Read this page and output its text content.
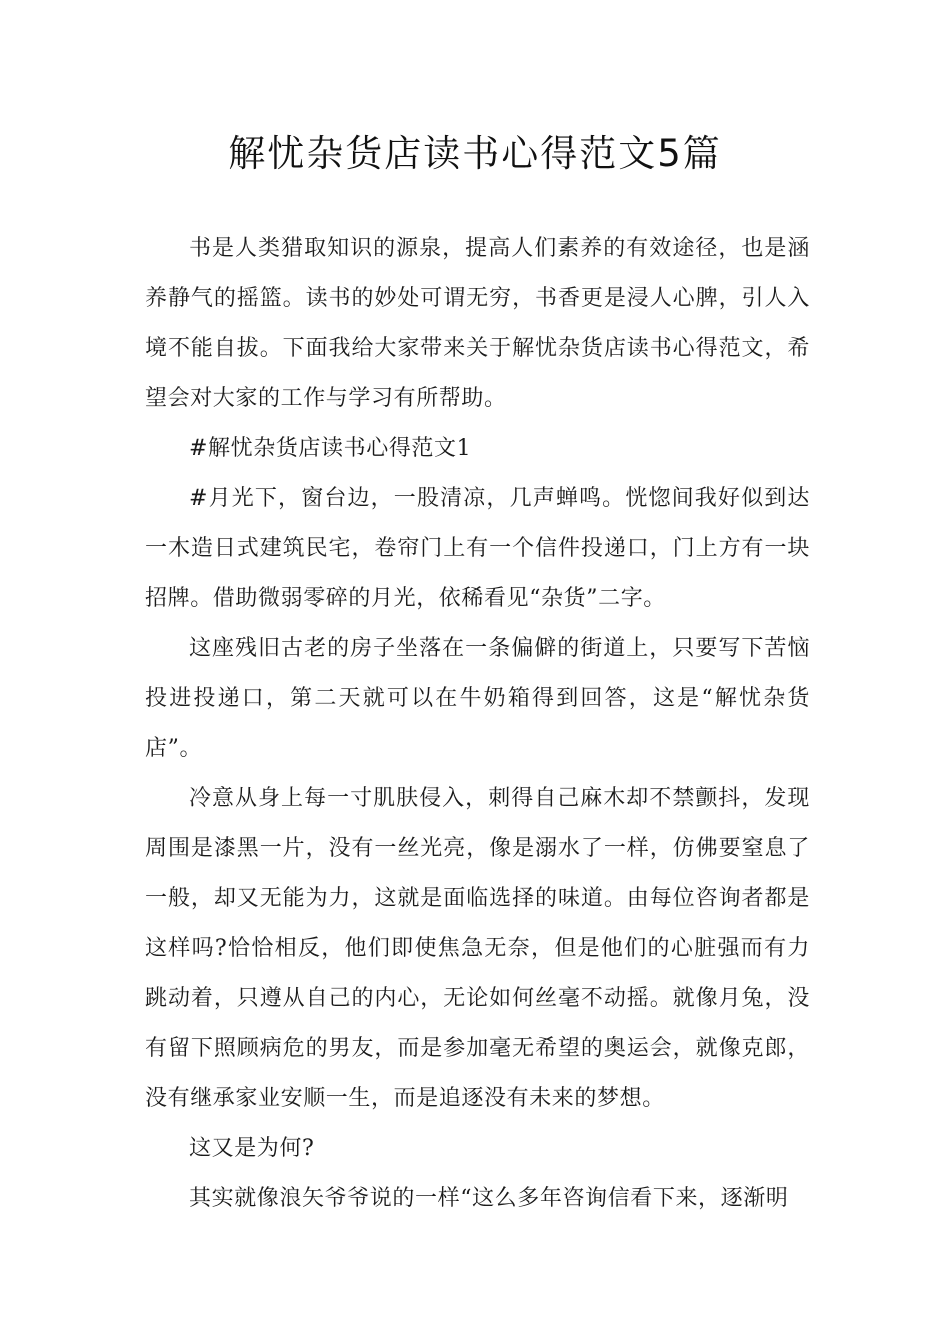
解忧杂货店读书心得范文5篇

书是人类猎取知识的源泉，提高人们素养的有效途径，也是涵养静气的摇篮。读书的妙处可谓无穷，书香更是浸人心脾，引人入境不能自拔。下面我给大家带来关于解忧杂货店读书心得范文，希望会对大家的工作与学习有所帮助。

#解忧杂货店读书心得范文1

#月光下，窗台边，一股清凉，几声蝉鸣。恍惚间我好似到达一木造日式建筑民宅，卷帘门上有一个信件投递口，门上方有一块招牌。借助微弱零碎的月光，依稀看见“杂货”二字。

这座残旧古老的房子坐落在一条偏僻的街道上，只要写下苦恼投进投递口，第二天就可以在牛奶箱得到回答，这是“解忧杂货店”。

冷意从身上每一寸肌肤侵入，刺得自己麻木却不禁颤抖，发现周围是漆黑一片，没有一丝光亮，像是溺水了一样，仿佛要窒息了一般，却又无能为力，这就是面临选择的味道。由每位咨询者都是这样吗?恰恰相反，他们即使焦急无奈，但是他们的心脏强而有力跳动着，只遵从自己的内心，无论如何丝毫不动摇。就像月兔，没有留下照顾病危的男友，而是参加毫无希望的奥运会，就像克郎，没有继承家业安顺一生，而是追逐没有未来的梦想。

这又是为何?

其实就像浪矢爷爷说的一样“这么多年咨询信看下来，逐渐明
